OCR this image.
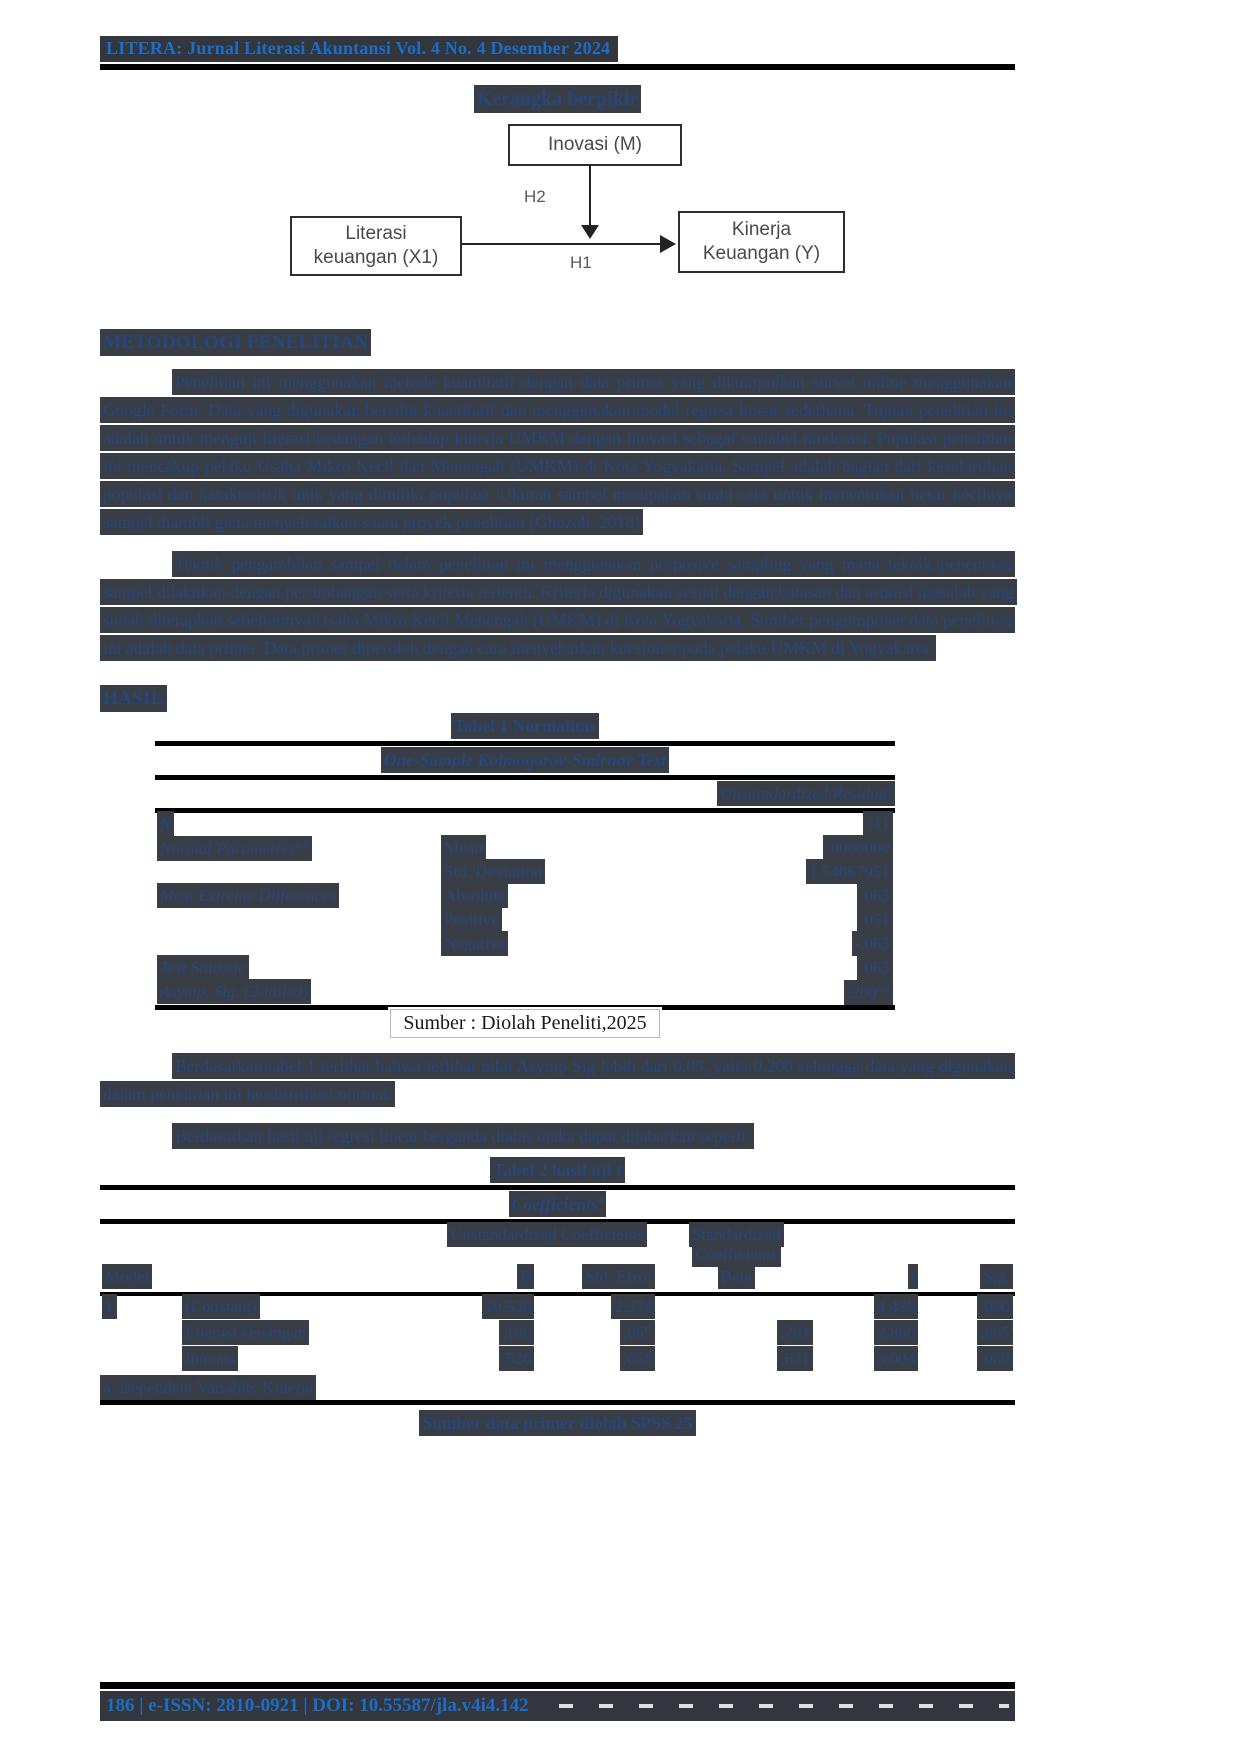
LITERA: Jurnal Literasi Akuntansi Vol. 4 No. 4 Desember 2024
Kerangka berpikir
Inovasi (M)
H2
Literasi keuangan (X1)	H1
Kinerja Keuangan (Y)
METODOLOGI PENELITIAN

Penelitian ini menggunakan metode kuantitatif dengan data primer yang dikumpulkan survei online menggunakan Google Form. Data yang digunakan bersifat kuantitatif dan menggunakan model regresi linear sederhana. Tujuan penelitian ini adalah untuk menguji literasi keuangan terhadap kinerja UMKM dengan inovasi sebagai variabel moderasi. Populasi penelitian ini mencakup pelaku Usaha Mikro Kecil dan Menengah (UMKM) di Kota Yogyakarta. Sampel adalah bagian dari keseluruhan populasi dan karakteristik unik yang dimiliki populasi. Ukuran sampel merupakan suatu cara untuk menentukan besar kecilnya sampel diambil guna menyelesaikan suatu proyek penelitian (Ghozali, 2018)

Teknik pengambilan sampel dalam penelitian ini menggunakan purposive sampling yang mana teknik penentuan sampel dilakukan dengan pertimbangan serta kriteria tertentu. Kriteria digunakan sesuai dengan batasan dan asumsi masalah yang sudah diterapkan sebelumnya Usaha Mikro Kecil Menengah (UMKM) di Kota Yogyakarta. Sumber pengumpulan data penelitian ini adalah data primer. Data primer diperoleh dengan cara menyebarkan kuesioner pada pelaku UMKM di Yogyakarta.

HASIL
Tabel 1 Normalitas
One-Sample Kolmogorov-Smirnov Test
Unstandardized Residual
N		111
Normal Parameters$^{a,b}$	Mean	.0000000
	Std. Deviation	1.54867951
Most Extreme Differences	Absolute	.065
	Positive	.051
	Negative	-.065
Test Statistic		.065
Asymp. Sig. (2-tailed)		.200$^{c,d}$
Sumber : Diolah Peneliti,2025

Berdasarkan tabel 1 terlihat bahwa terlihat nilai Asymp Sig lebih dari 0,05, yaitu 0,200 sehingga data yang digunakan dalam penelitian ini berdistribusi normal.

Berdasarkan hasil uji regresi linear berganda diatas maka dapat dijabarkan seperti:

Tabel 2 hasil uji t
Coefficients$^a$
	Unstandardized Coefficients		Standardized Coefficients		
Model	B	Std. Error	Beta	t	Sig.
1 (Constant)	10,538	2,374		4,438	,000
Literasi keuangan	,186	,065	,201	2,860	,005
Inovasi	,526	,058	,631	9,004	,000
a. Dependent Variable: Kinerja
Sumber data primer diolah SPSS 25
186 | e-ISSN: 2810-0921 | DOI: 10.55587/jla.v4i4.142
